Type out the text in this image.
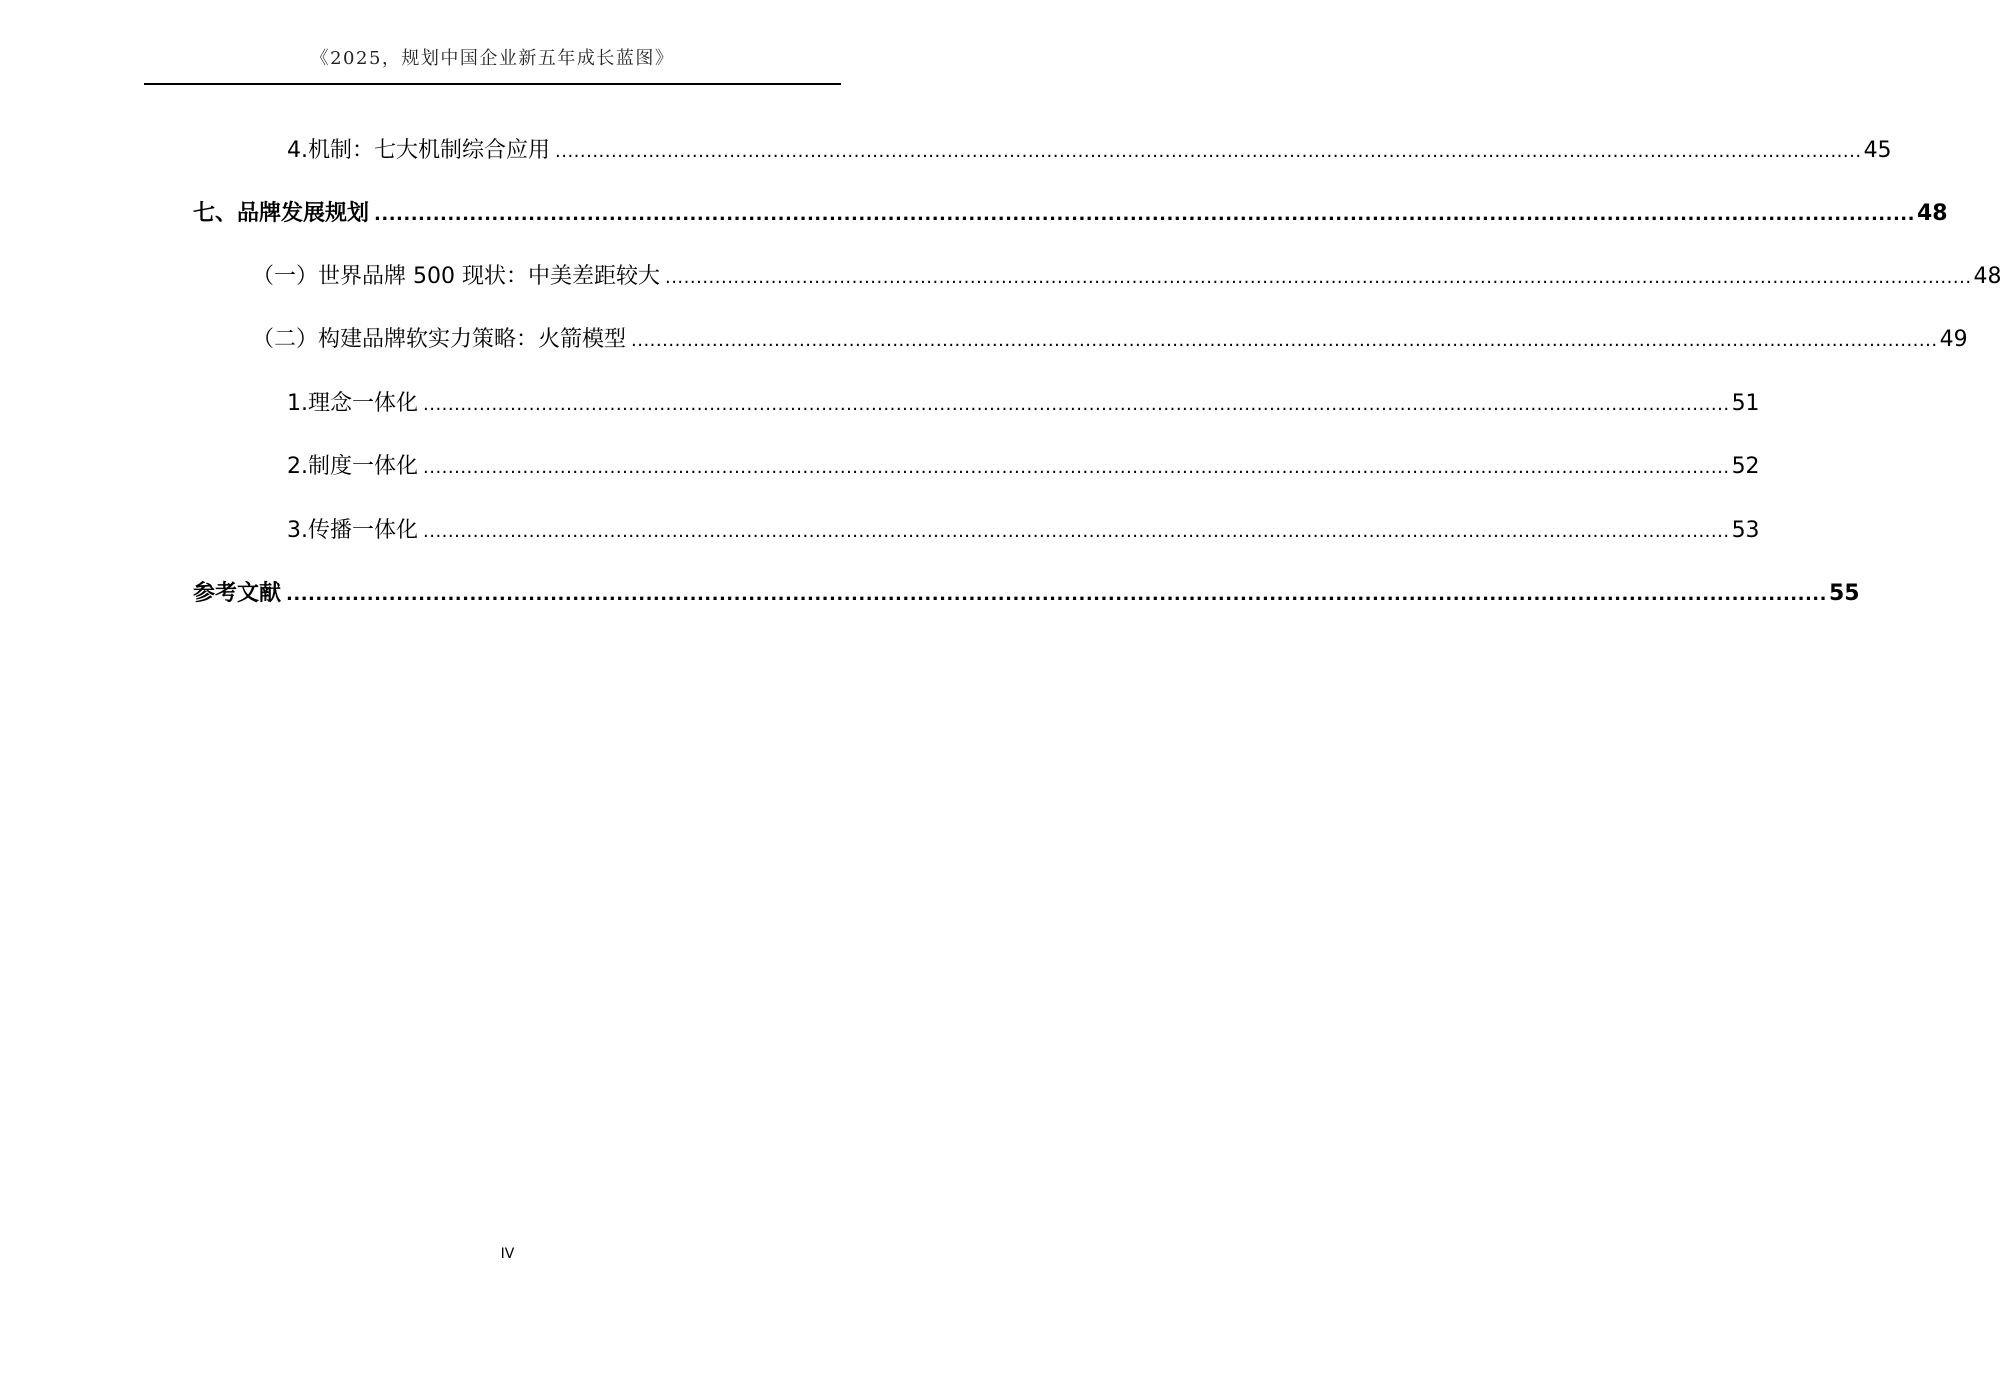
《2025，规划中国企业新五年成长蓝图》
4.机制：七大机制综合应用 .................................................................................................................................................................................................................. 45
七、品牌发展规划 .................................................................................................................................................................................................................. 48
（一）世界品牌 500 现状：中美差距较大 .................................................................................................................................................................................................................. 48
（二）构建品牌软实力策略：火箭模型 .................................................................................................................................................................................................................. 49
1.理念一体化 .................................................................................................................................................................................................................. 51
2.制度一体化 .................................................................................................................................................................................................................. 52
3.传播一体化 .................................................................................................................................................................................................................. 53
参考文献 .................................................................................................................................................................................................................. 55
IV
